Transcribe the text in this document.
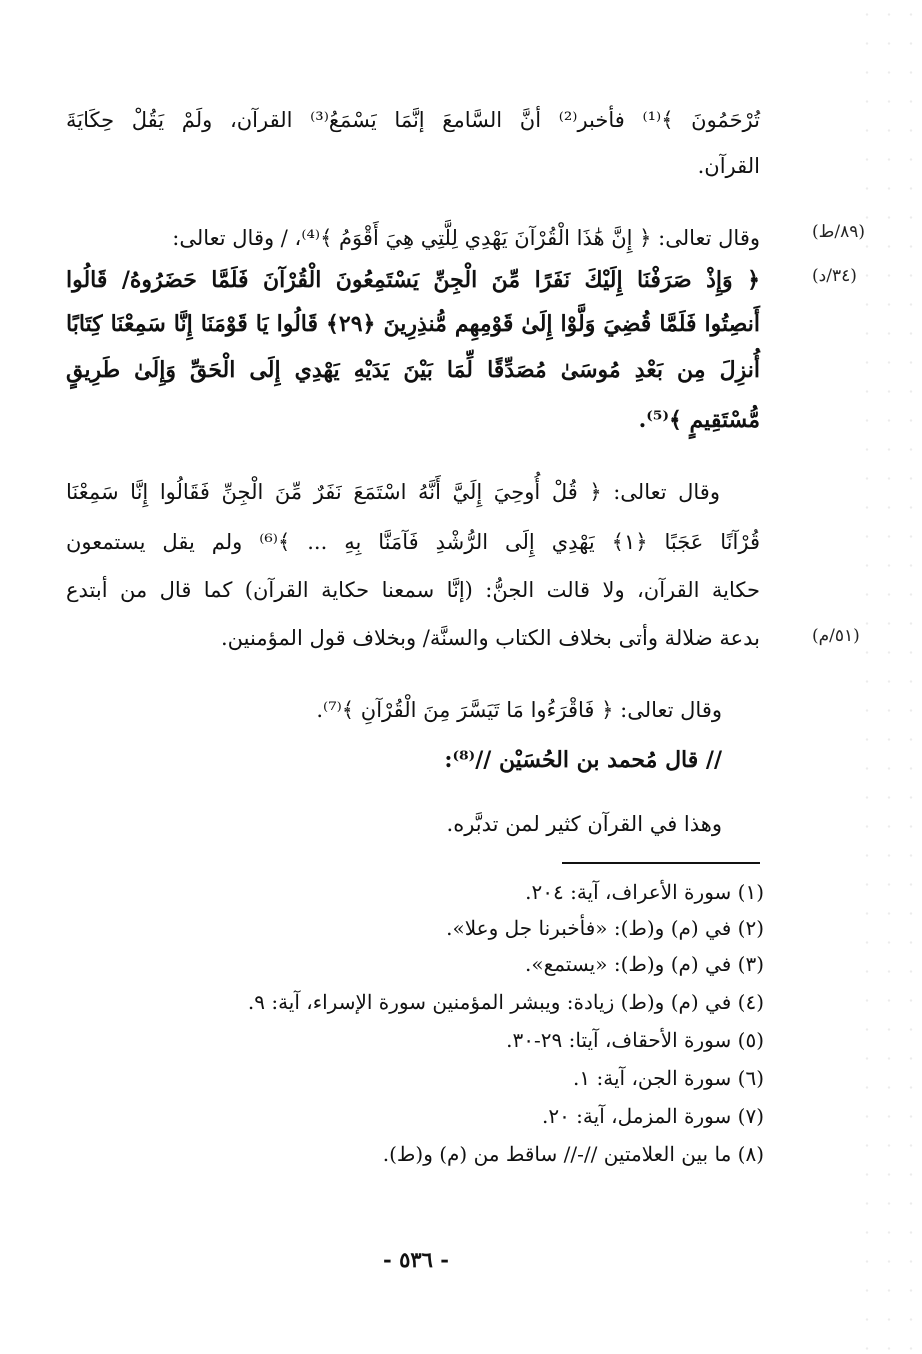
تُرْحَمُونَ ﴾⁽¹⁾ فأخبر⁽²⁾ أنَّ السَّامعَ إنَّمَا يَسْمَعُ⁽³⁾ القرآن، ولَمْ يَقُلْ حِكَايَةَ
القرآن.
وقال تعالى: ﴿ إِنَّ هَٰذَا الْقُرْآنَ يَهْدِي لِلَّتِي هِيَ أَقْوَمُ ﴾⁽⁴⁾، / وقال تعالى:
﴿ وَإِذْ صَرَفْنَا إِلَيْكَ نَفَرًا مِّنَ الْجِنِّ يَسْتَمِعُونَ الْقُرْآنَ فَلَمَّا حَضَرُوهُ/ قَالُوا
أَنصِتُوا فَلَمَّا قُضِيَ وَلَّوْا إِلَىٰ قَوْمِهِم مُّنذِرِينَ ﴿٢٩﴾ قَالُوا يَا قَوْمَنَا إِنَّا سَمِعْنَا كِتَابًا
أُنزِلَ مِن بَعْدِ مُوسَىٰ مُصَدِّقًا لِّمَا بَيْنَ يَدَيْهِ يَهْدِي إِلَى الْحَقِّ وَإِلَىٰ طَرِيقٍ
مُّسْتَقِيمٍ ﴾⁽⁵⁾.
وقال تعالى: ﴿ قُلْ أُوحِيَ إِلَيَّ أَنَّهُ اسْتَمَعَ نَفَرٌ مِّنَ الْجِنِّ فَقَالُوا إِنَّا سَمِعْنَا
قُرْآنًا عَجَبًا ﴿١﴾ يَهْدِي إِلَى الرُّشْدِ فَآمَنَّا بِهِ ... ﴾⁽⁶⁾ ولم يقل يستمعون
حكاية القرآن، ولا قالت الجنُّ: (إنَّا سمعنا حكاية القرآن) كما قال من أبتدع
بدعة ضلالة وأتى بخلاف الكتاب والسنَّة/ وبخلاف قول المؤمنين.
وقال تعالى: ﴿ فَاقْرَءُوا مَا تَيَسَّرَ مِنَ الْقُرْآنِ ﴾⁽⁷⁾.
// قال مُحمد بن الحُسَيْن //⁽⁸⁾:
وهذا في القرآن كثير لمن تدبَّره.
(٨٩/ط)
(٣٤/د)
(٥١/م)
(١) سورة الأعراف، آية: ٢٠٤.
(٢) في (م) و(ط): «فأخبرنا جل وعلا».
(٣) في (م) و(ط): «يستمع».
(٤) في (م) و(ط) زيادة: ويبشر المؤمنين سورة الإسراء، آية: ٩.
(٥) سورة الأحقاف، آيتا: ٢٩-٣٠.
(٦) سورة الجن، آية: ١.
(٧) سورة المزمل، آية: ٢٠.
(٨) ما بين العلامتين //-// ساقط من (م) و(ط).
- ٥٣٦ -
